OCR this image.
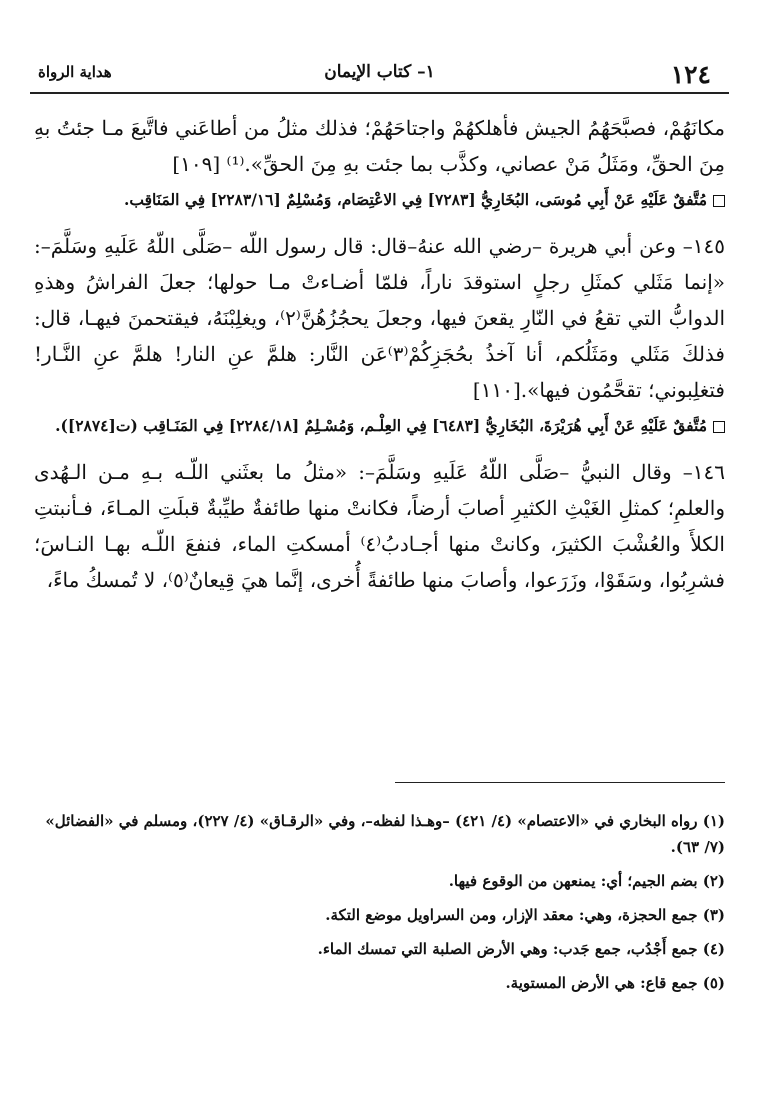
١٢٤
١– كتاب الإيمان
هداية الرواة

مكانَهُمْ، فصبَّحَهُمُ الجيش فأهلكهُمْ واجتاحَهُمْ؛ فذلك مثلُ من أطاعَني فاتَّبعَ مـا جئتُ بهِ مِنَ الحقِّ، ومَثَلُ مَنْ عصاني، وكذَّب بما جئت بهِ مِنَ الحقِّ».⁽¹⁾ [١٠٩]

مُتَّفقٌ عَلَيْهِ عَنْ أَبِي مُوسَى، البُخَارِيُّ [٧٢٨٣] فِي الاعْتِصَام، وَمُسْلِمٌ [٢٢٨٣/١٦] فِي المَنَاقِب.

١٤٥– وعن أبي هريرة –رضي الله عنهُ–قال: قال رسول اللّه –صَلَّى اللّهُ عَلَيهِ وسَلَّمَ–: «إنما مَثَلي كمثَلِ رجلٍ استوقدَ ناراً، فلمّا أضـاءتْ مـا حولها؛ جعلَ الفراشُ وهذهِ الدوابُّ التي تقعُ في النّارِ يقعنَ فيها، وجعلَ يحجُزُهُنَّ⁽٢⁾، ويغلِبْنَهُ، فيقتحمنَ فيهـا، قال: فذلكَ مَثَلي ومَثَلُكم، أنا آخذُ بحُجَزِكُمْ⁽٣⁾عَن النَّار: هلمَّ عنِ النار! هلمَّ عنِ النَّـار! فتغلِبوني؛ تقحَّمُون فيها».[١١٠]

مُتَّفقٌ عَلَيْهِ عَنْ أَبِي هُرَيْرَةَ، البُخَارِيُّ [٦٤٨٣] فِي العِلْـم، وَمُسْـلِمٌ [٢٢٨٤/١٨] فِي المَنَـاقِب (ت[٢٨٧٤]).

١٤٦– وقال النبيُّ –صَلَّى اللّهُ عَلَيهِ وسَلَّمَ–: «مثلُ ما بعثَني اللّـه بـهِ مـن الـهُدى والعلمِ؛ كمثلِ الغَيْثِ الكثيرِ أصابَ أرضاً، فكانتْ منها طائفةٌ طيِّبةٌ قبلَتِ المـاءَ، فـأنبتتِ الكلأَ والعُشْبَ الكثيرَ، وكانتْ منها أجـادبُ⁽٤⁾ أمسكتِ الماء، فنفعَ اللّـه بهـا النـاسَ؛ فشرِبُوا، وسَقَوْا، وزَرَعوا، وأصابَ منها طائفةً أُخرى، إنَّما هيَ قِيعانٌ⁽٥⁾، لا تُمسكُ ماءً،

(١) رواه البخاري في «الاعتصام» (٤/ ٤٢١) –وهـذا لفظه–، وفي «الرقـاق» (٤/ ٢٢٧)، ومسلم في «الفضائل» (٧/ ٦٣).

(٢) بضم الجيم؛ أي: يمنعهن من الوقوع فيها.

(٣) جمع الحجزة، وهي: معقد الإزار، ومن السراويل موضع التكة.

(٤) جمع أَجْدُب، جمع جَدب: وهي الأرض الصلبة التي تمسك الماء.

(٥) جمع قاع: هي الأرض المستوية.
